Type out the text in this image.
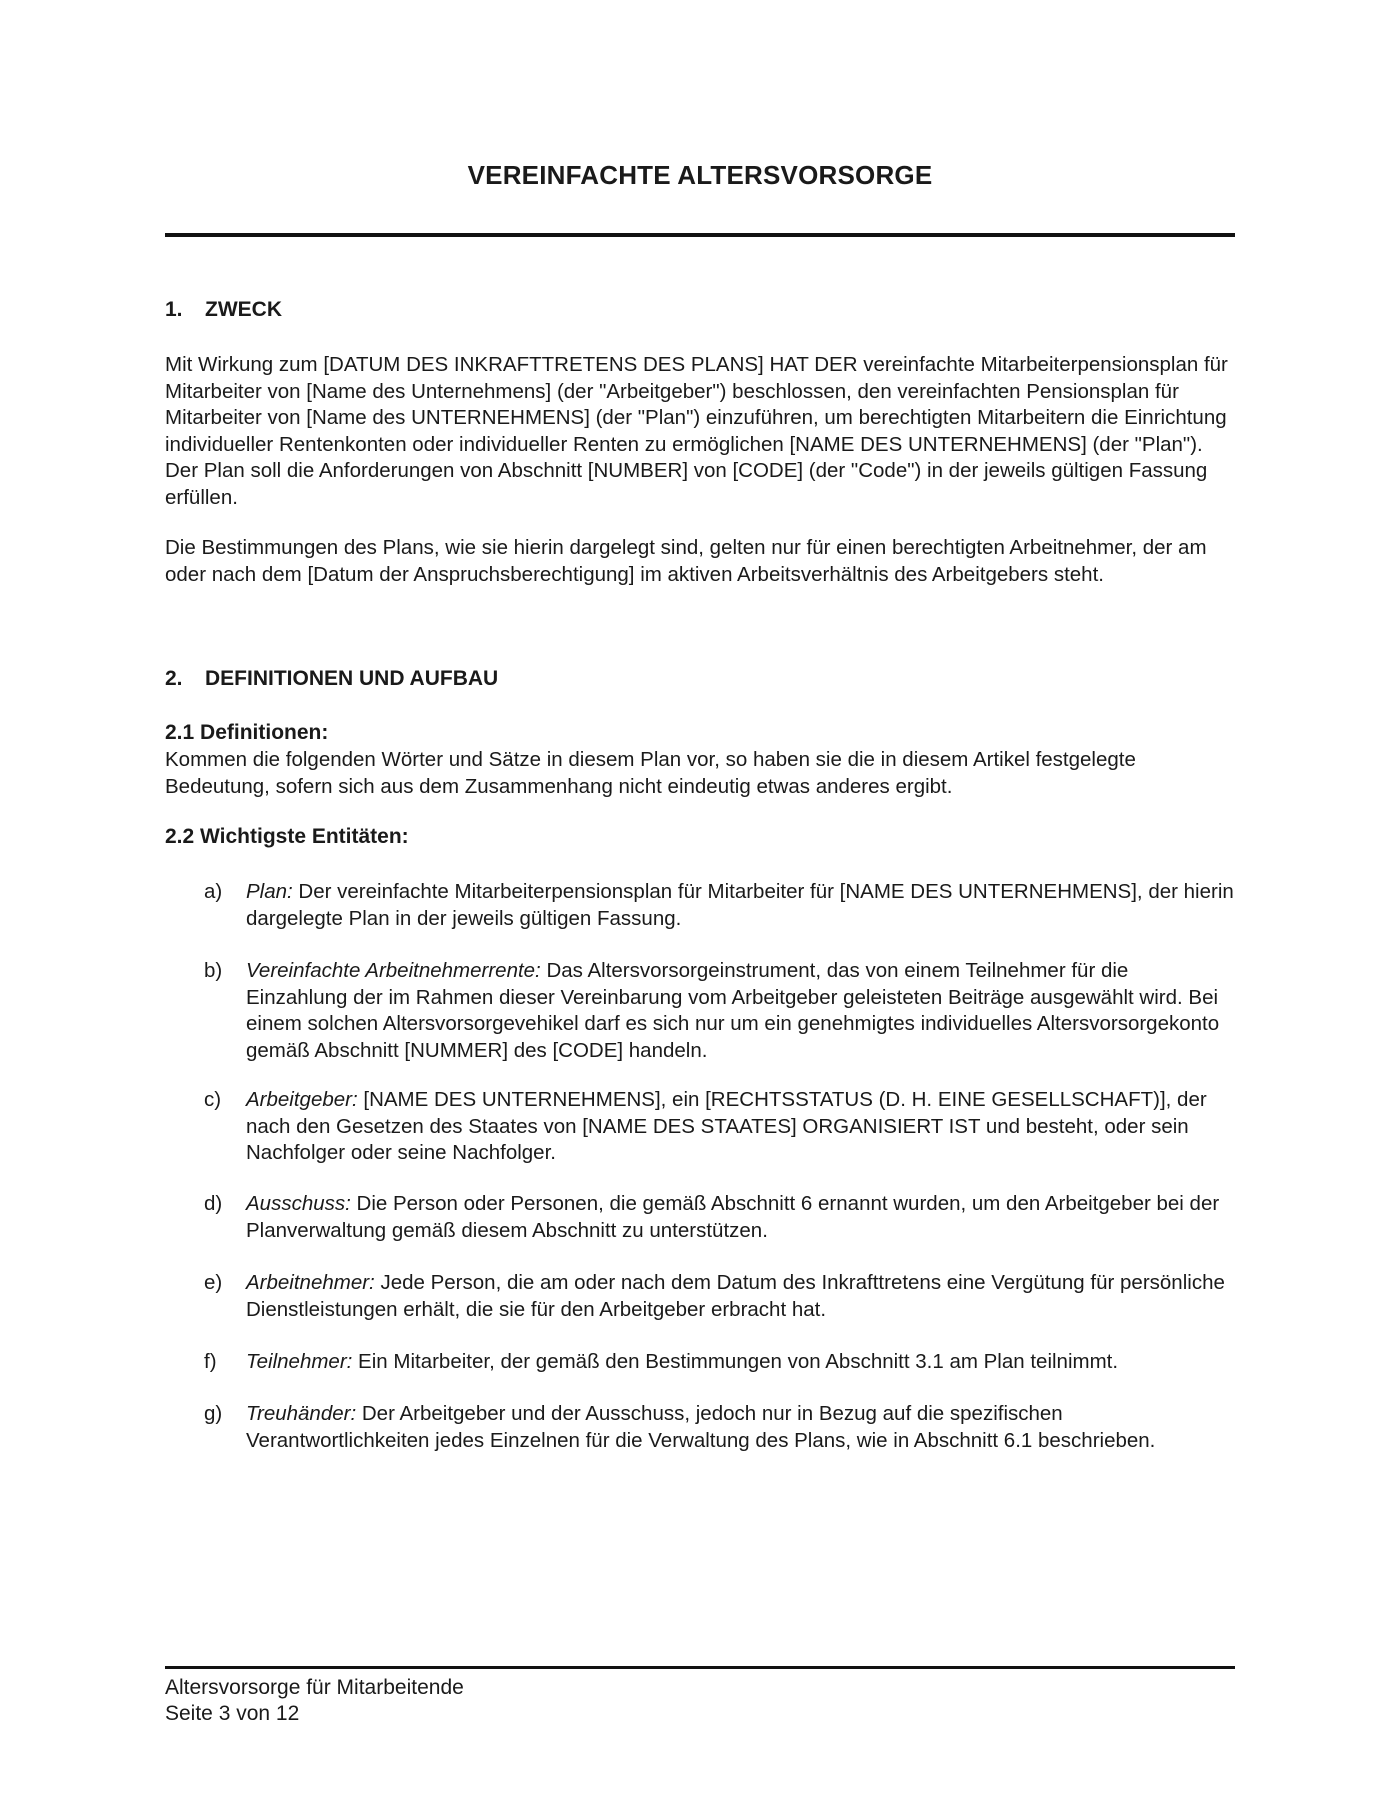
VEREINFACHTE ALTERSVORSORGE
1. ZWECK
Mit Wirkung zum [DATUM DES INKRAFTTRETENS DES PLANS] HAT DER vereinfachte Mitarbeiterpensionsplan für Mitarbeiter von [Name des Unternehmens] (der "Arbeitgeber") beschlossen, den vereinfachten Pensionsplan für Mitarbeiter von [Name des UNTERNEHMENS] (der "Plan") einzuführen, um berechtigten Mitarbeitern die Einrichtung individueller Rentenkonten oder individueller Renten zu ermöglichen [NAME DES UNTERNEHMENS] (der "Plan"). Der Plan soll die Anforderungen von Abschnitt [NUMBER] von [CODE] (der "Code") in der jeweils gültigen Fassung erfüllen.
Die Bestimmungen des Plans, wie sie hierin dargelegt sind, gelten nur für einen berechtigten Arbeitnehmer, der am oder nach dem [Datum der Anspruchsberechtigung] im aktiven Arbeitsverhältnis des Arbeitgebers steht.
2. DEFINITIONEN UND AUFBAU
2.1 Definitionen:
Kommen die folgenden Wörter und Sätze in diesem Plan vor, so haben sie die in diesem Artikel festgelegte Bedeutung, sofern sich aus dem Zusammenhang nicht eindeutig etwas anderes ergibt.
2.2 Wichtigste Entitäten:
a)	Plan: Der vereinfachte Mitarbeiterpensionsplan für Mitarbeiter für [NAME DES UNTERNEHMENS], der hierin dargelegte Plan in der jeweils gültigen Fassung.
b)	Vereinfachte Arbeitnehmerrente: Das Altersvorsorgeinstrument, das von einem Teilnehmer für die Einzahlung der im Rahmen dieser Vereinbarung vom Arbeitgeber geleisteten Beiträge ausgewählt wird. Bei einem solchen Altersvorsorgevehikel darf es sich nur um ein genehmigtes individuelles Altersvorsorgekonto gemäß Abschnitt [NUMMER] des [CODE] handeln.
c)	Arbeitgeber: [NAME DES UNTERNEHMENS], ein [RECHTSSTATUS (D. H. EINE GESELLSCHAFT)], der nach den Gesetzen des Staates von [NAME DES STAATES] ORGANISIERT IST und besteht, oder sein Nachfolger oder seine Nachfolger.
d)	Ausschuss: Die Person oder Personen, die gemäß Abschnitt 6 ernannt wurden, um den Arbeitgeber bei der Planverwaltung gemäß diesem Abschnitt zu unterstützen.
e)	Arbeitnehmer: Jede Person, die am oder nach dem Datum des Inkrafttretens eine Vergütung für persönliche Dienstleistungen erhält, die sie für den Arbeitgeber erbracht hat.
f)	Teilnehmer: Ein Mitarbeiter, der gemäß den Bestimmungen von Abschnitt 3.1 am Plan teilnimmt.
g)	Treuhänder: Der Arbeitgeber und der Ausschuss, jedoch nur in Bezug auf die spezifischen Verantwortlichkeiten jedes Einzelnen für die Verwaltung des Plans, wie in Abschnitt 6.1 beschrieben.
Altersvorsorge für Mitarbeitende
Seite 3 von 12
